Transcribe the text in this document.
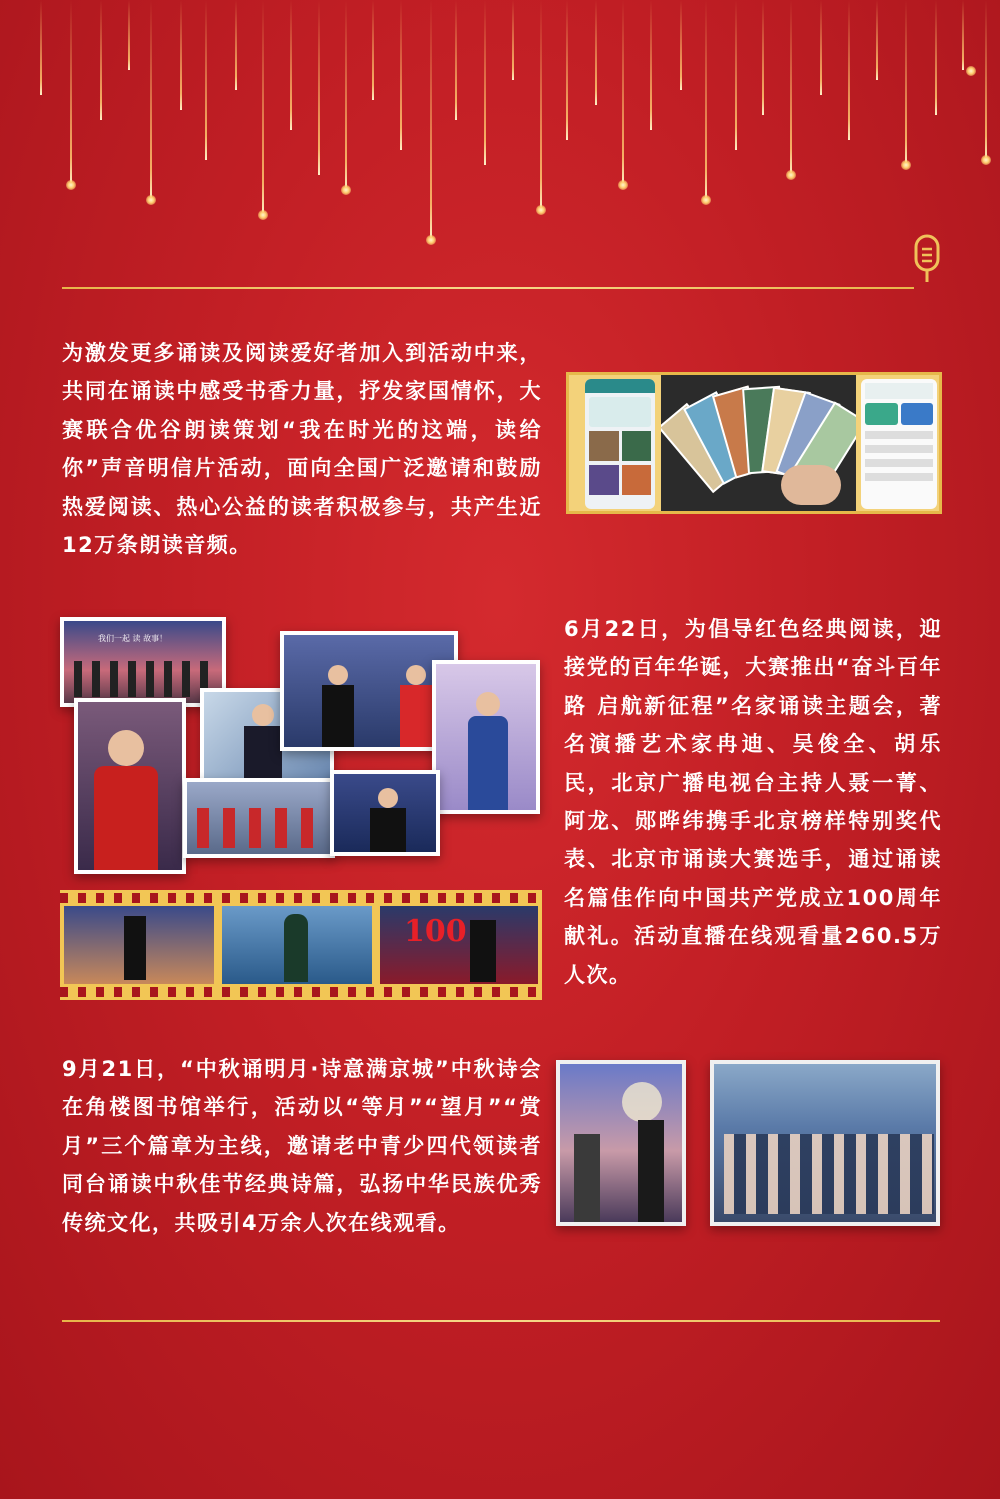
为激发更多诵读及阅读爱好者加入到活动中来，共同在诵读中感受书香力量，抒发家国情怀，大赛联合优谷朗读策划“我在时光的这端，读给你”声音明信片活动，面向全国广泛邀请和鼓励热爱阅读、热心公益的读者积极参与，共产生近12万条朗读音频。

我们一起 读 故事！
100

6月22日，为倡导红色经典阅读，迎接党的百年华诞，大赛推出“奋斗百年路 启航新征程”名家诵读主题会，著名演播艺术家冉迪、吴俊全、胡乐民，北京广播电视台主持人聂一菁、阿龙、郧晔纬携手北京榜样特别奖代表、北京市诵读大赛选手，通过诵读名篇佳作向中国共产党成立100周年献礼。活动直播在线观看量260.5万人次。

9月21日，“中秋诵明月·诗意满京城”中秋诗会在角楼图书馆举行，活动以“等月”“望月”“赏月”三个篇章为主线，邀请老中青少四代领读者同台诵读中秋佳节经典诗篇，弘扬中华民族优秀传统文化，共吸引4万余人次在线观看。
